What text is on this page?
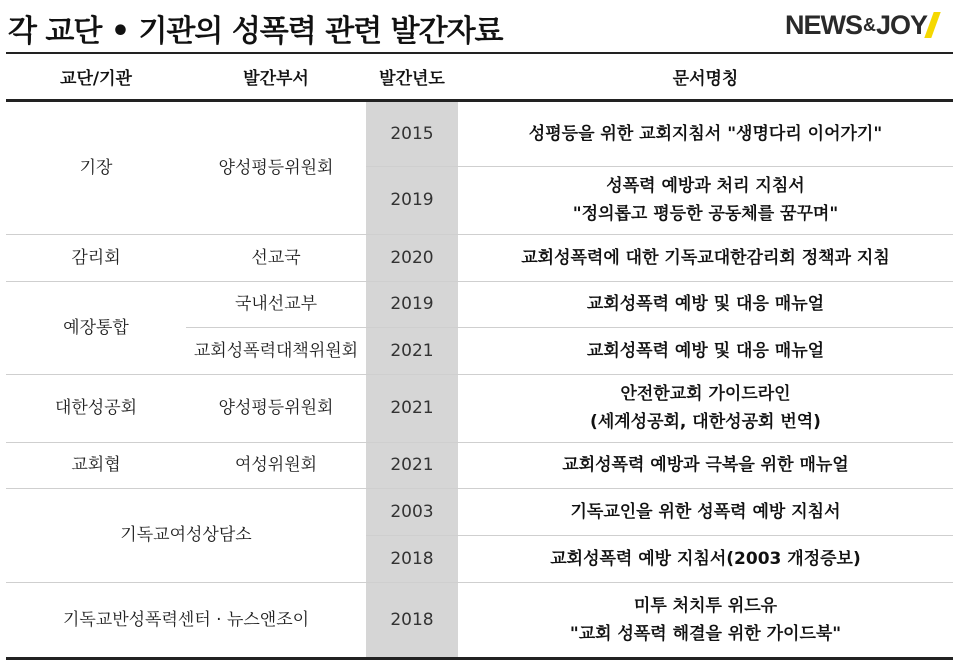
각 교단 • 기관의 성폭력 관련 발간자료	NEWS&JOY
교단/기관	발간부서	발간년도	문서명칭
기장	양성평등위원회	2015	성평등을 위한 교회지침서 "생명다리 이어가기"

		2019	성폭력 예방과 처리 지침서
"정의롭고 평등한 공동체를 꿈꾸며"

감리회	선교국	2020	교회성폭력에 대한 기독교대한감리회 정책과 지침

예장통합	국내선교부	2019	교회성폭력 예방 및 대응 매뉴얼

	교회성폭력대책위원회	2021	교회성폭력 예방 및 대응 매뉴얼

대한성공회	양성평등위원회	2021	안전한교회 가이드라인
(세계성공회, 대한성공회 번역)

교회협	여성위원회	2021	교회성폭력 예방과 극복을 위한 매뉴얼

기독교여성상담소		2003	기독교인을 위한 성폭력 예방 지침서

		2018	교회성폭력 예방 지침서(2003 개정증보)

기독교반성폭력센터 · 뉴스앤조이		2018	미투 처치투 위드유
"교회 성폭력 해결을 위한 가이드북"
